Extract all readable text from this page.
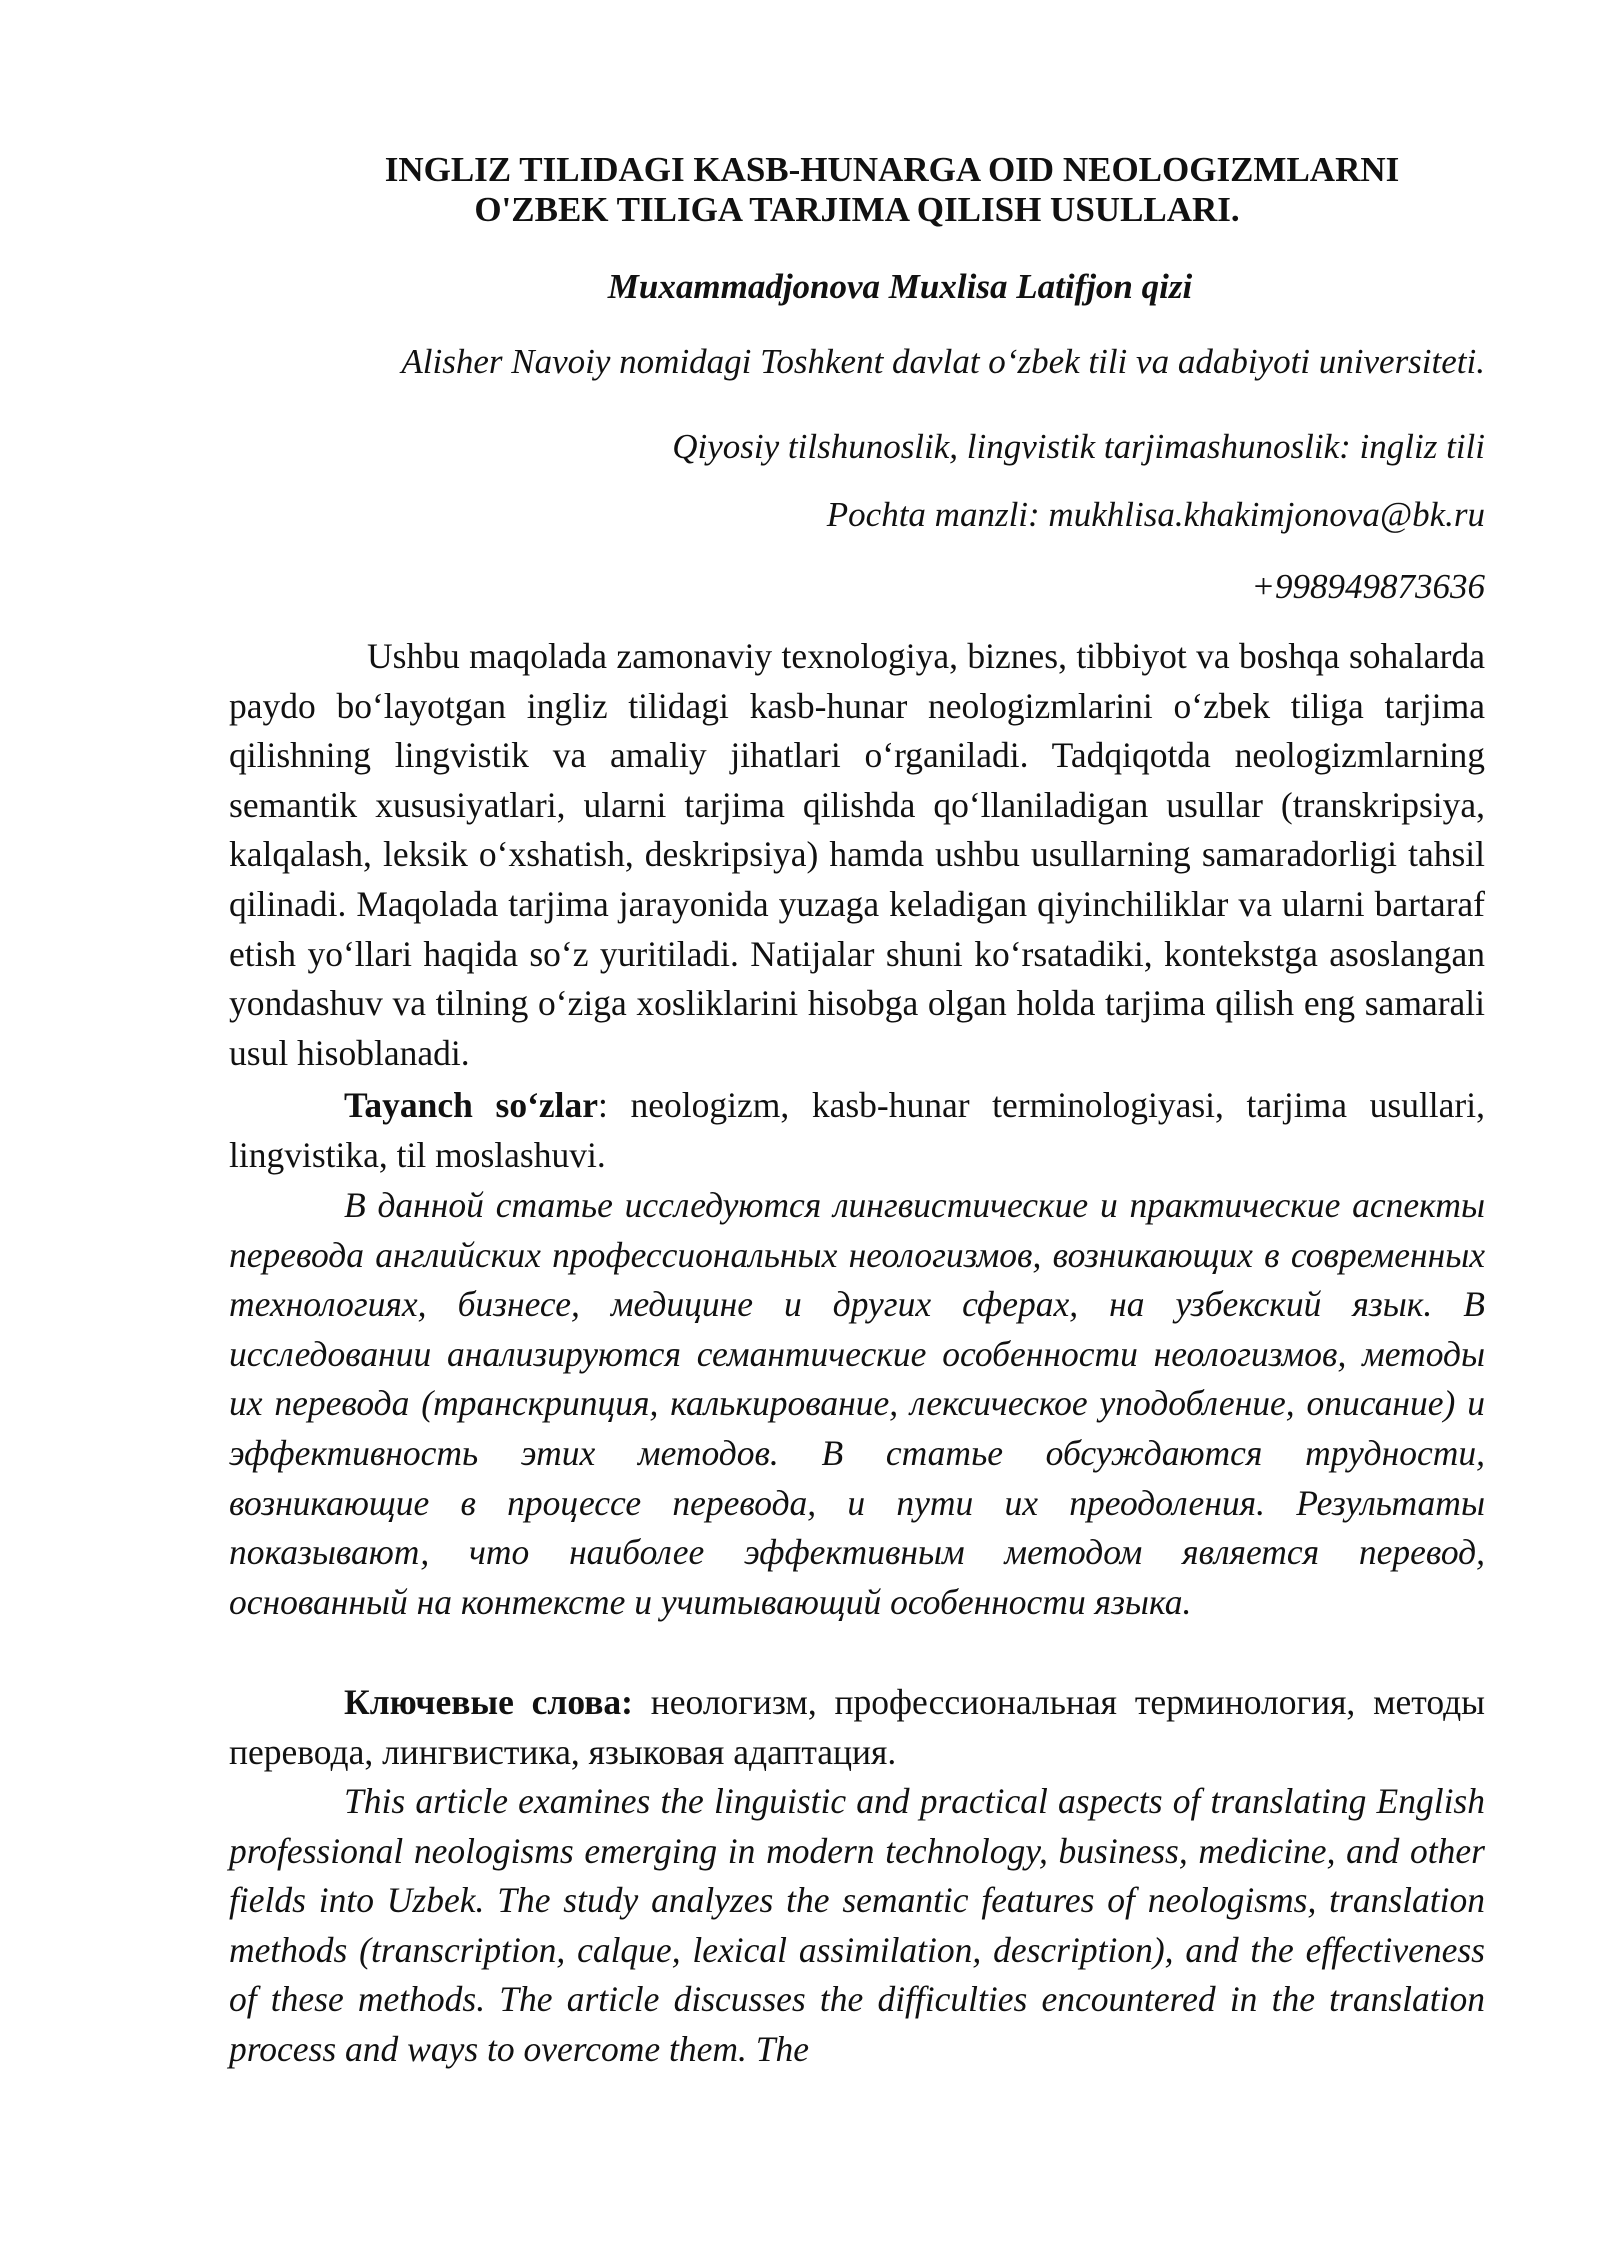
INGLIZ TILIDAGI KASB-HUNARGA OID NEOLOGIZMLARNI
O'ZBEK TILIGA TARJIMA QILISH USULLARI.

Muxammadjonova Muxlisa Latifjon qizi

Alisher Navoiy nomidagi Toshkent davlat o‘zbek tili va adabiyoti universiteti.

Qiyosiy tilshunoslik, lingvistik tarjimashunoslik: ingliz tili

Pochta manzli: mukhlisa.khakimjonova@bk.ru

+998949873636

Ushbu maqolada zamonaviy texnologiya, biznes, tibbiyot va boshqa sohalarda paydo bo‘layotgan ingliz tilidagi kasb-hunar neologizmlarini o‘zbek tiliga tarjima qilishning lingvistik va amaliy jihatlari o‘rganiladi. Tadqiqotda neologizmlarning semantik xususiyatlari, ularni tarjima qilishda qo‘llaniladigan usullar (transkripsiya, kalqalash, leksik o‘xshatish, deskripsiya) hamda ushbu usullarning samaradorligi tahsil qilinadi. Maqolada tarjima jarayonida yuzaga keladigan qiyinchiliklar va ularni bartaraf etish yo‘llari haqida so‘z yuritiladi. Natijalar shuni ko‘rsatadiki, kontekstga asoslangan yondashuv va tilning o‘ziga xosliklarini hisobga olgan holda tarjima qilish eng samarali usul hisoblanadi.

Tayanch so‘zlar: neologizm, kasb-hunar terminologiyasi, tarjima usullari, lingvistika, til moslashuvi.

В данной статье исследуются лингвистические и практические аспекты перевода английских профессиональных неологизмов, возникающих в современных технологиях, бизнесе, медицине и других сферах, на узбекский язык. В исследовании анализируются семантические особенности неологизмов, методы их перевода (транскрипция, калькирование, лексическое уподобление, описание) и эффективность этих методов. В статье обсуждаются трудности, возникающие в процессе перевода, и пути их преодоления. Результаты показывают, что наиболее эффективным методом является перевод, основанный на контексте и учитывающий особенности языка.

Ключевые слова: неологизм, профессиональная терминология, методы перевода, лингвистика, языковая адаптация.

This article examines the linguistic and practical aspects of translating English professional neologisms emerging in modern technology, business, medicine, and other fields into Uzbek. The study analyzes the semantic features of neologisms, translation methods (transcription, calque, lexical assimilation, description), and the effectiveness of these methods. The article discusses the difficulties encountered in the translation process and ways to overcome them. The
